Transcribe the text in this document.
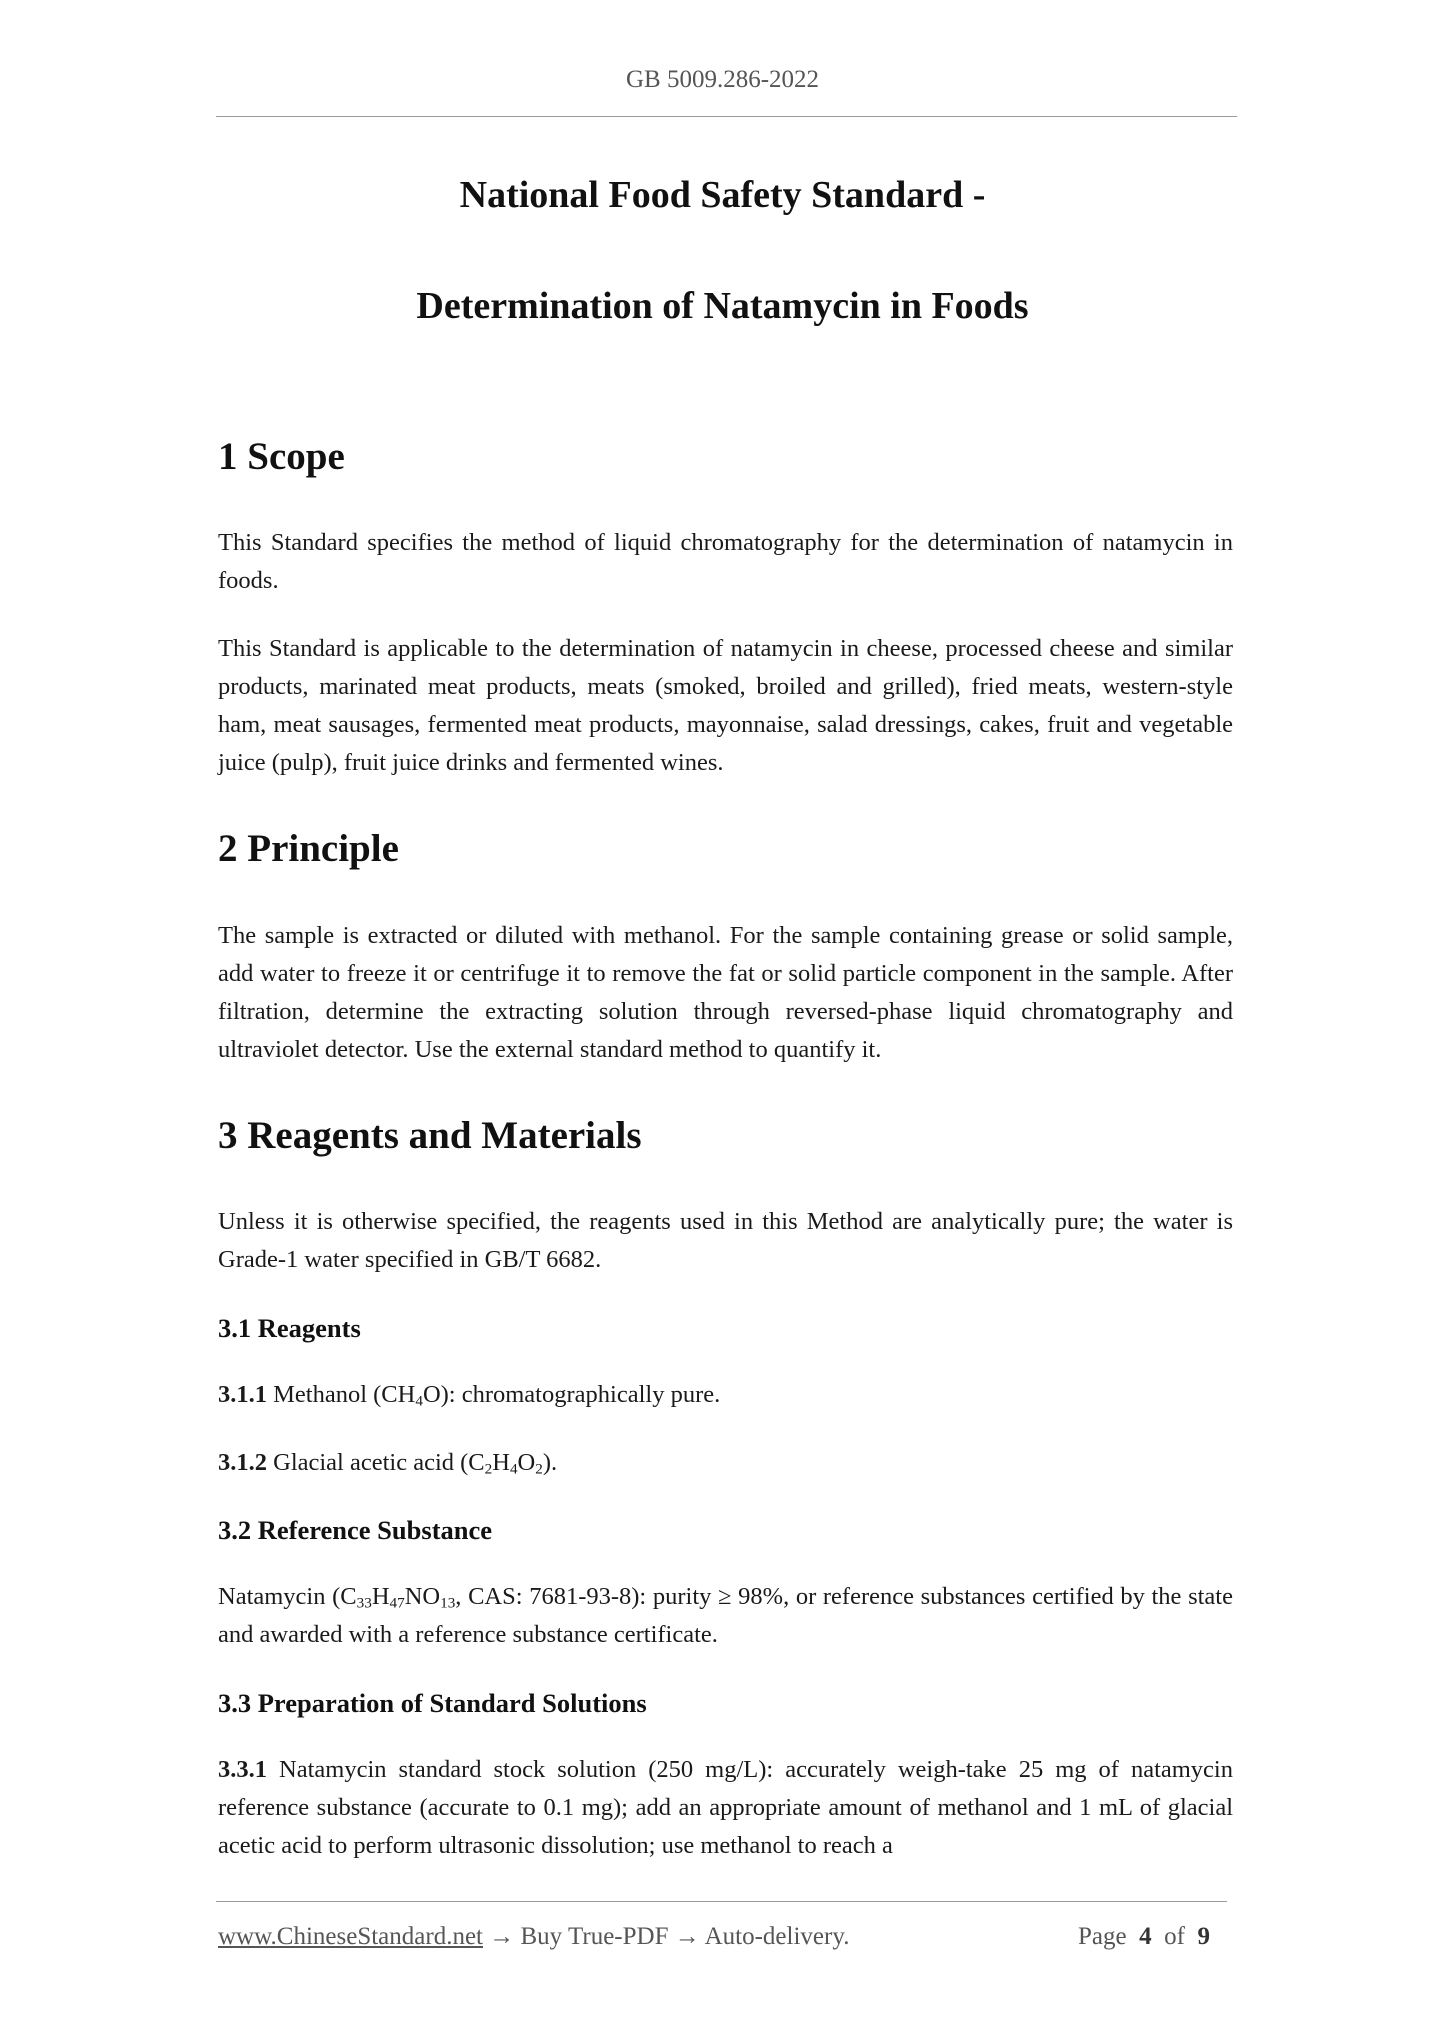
GB 5009.286-2022
National Food Safety Standard -
Determination of Natamycin in Foods
1 Scope
This Standard specifies the method of liquid chromatography for the determination of natamycin in foods.
This Standard is applicable to the determination of natamycin in cheese, processed cheese and similar products, marinated meat products, meats (smoked, broiled and grilled), fried meats, western-style ham, meat sausages, fermented meat products, mayonnaise, salad dressings, cakes, fruit and vegetable juice (pulp), fruit juice drinks and fermented wines.
2 Principle
The sample is extracted or diluted with methanol. For the sample containing grease or solid sample, add water to freeze it or centrifuge it to remove the fat or solid particle component in the sample. After filtration, determine the extracting solution through reversed-phase liquid chromatography and ultraviolet detector. Use the external standard method to quantify it.
3 Reagents and Materials
Unless it is otherwise specified, the reagents used in this Method are analytically pure; the water is Grade-1 water specified in GB/T 6682.
3.1 Reagents
3.1.1 Methanol $(CH_4O)$: chromatographically pure.
3.1.2 Glacial acetic acid $(C_2H_4O_2)$.
3.2 Reference Substance
Natamycin ($C_{33}H_{47}NO_{13}$, CAS: 7681-93-8): purity ≥ 98%, or reference substances certified by the state and awarded with a reference substance certificate.
3.3 Preparation of Standard Solutions
3.3.1 Natamycin standard stock solution (250 mg/L): accurately weigh-take 25 mg of natamycin reference substance (accurate to 0.1 mg); add an appropriate amount of methanol and 1 mL of glacial acetic acid to perform ultrasonic dissolution; use methanol to reach a
www.ChineseStandard.net → Buy True-PDF → Auto-delivery.	Page 4 of 9
